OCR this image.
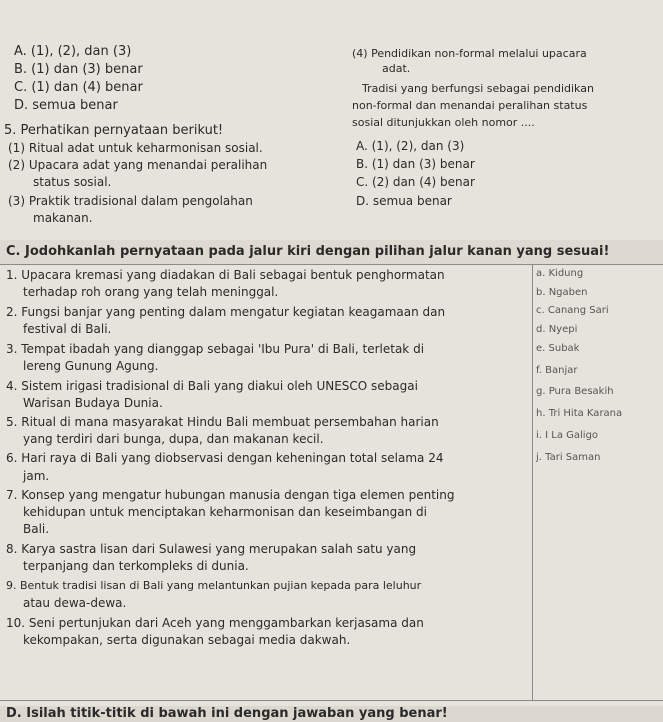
A. (1), (2), dan (3)
B. (1) dan (3) benar
C. (1) dan (4) benar
D. semua benar
5. Perhatikan pernyataan berikut!
(1) Ritual adat untuk keharmonisan sosial.
(2) Upacara adat yang menandai peralihan
status sosial.
(3) Praktik tradisional dalam pengolahan
makanan.
(4) Pendidikan non-formal melalui upacara
adat.
Tradisi yang berfungsi sebagai pendidikan
non-formal dan menandai peralihan status
sosial ditunjukkan oleh nomor ....
A. (1), (2), dan (3)
B. (1) dan (3) benar
C. (2) dan (4) benar
D. semua benar
C. Jodohkanlah pernyataan pada jalur kiri dengan pilihan jalur kanan yang sesuai!
1. Upacara kremasi yang diadakan di Bali sebagai bentuk penghormatan
terhadap roh orang yang telah meninggal.
2. Fungsi banjar yang penting dalam mengatur kegiatan keagamaan dan
festival di Bali.
3. Tempat ibadah yang dianggap sebagai 'Ibu Pura' di Bali, terletak di
lereng Gunung Agung.
4. Sistem irigasi tradisional di Bali yang diakui oleh UNESCO sebagai
Warisan Budaya Dunia.
5. Ritual di mana masyarakat Hindu Bali membuat persembahan harian
yang terdiri dari bunga, dupa, dan makanan kecil.
6. Hari raya di Bali yang diobservasi dengan keheningan total selama 24
jam.
7. Konsep yang mengatur hubungan manusia dengan tiga elemen penting
kehidupan untuk menciptakan keharmonisan dan keseimbangan di
Bali.
8. Karya sastra lisan dari Sulawesi yang merupakan salah satu yang
terpanjang dan terkompleks di dunia.
9. Bentuk tradisi lisan di Bali yang melantunkan pujian kepada para leluhur
atau dewa-dewa.
10. Seni pertunjukan dari Aceh yang menggambarkan kerjasama dan
kekompakan, serta digunakan sebagai media dakwah.
a. Kidung
b. Ngaben
c. Canang Sari
d. Nyepi
e. Subak
f. Banjar
g. Pura Besakih
h. Tri Hita Karana
i. I La Galigo
j. Tari Saman
D. Isilah titik-titik di bawah ini dengan jawaban yang benar!
